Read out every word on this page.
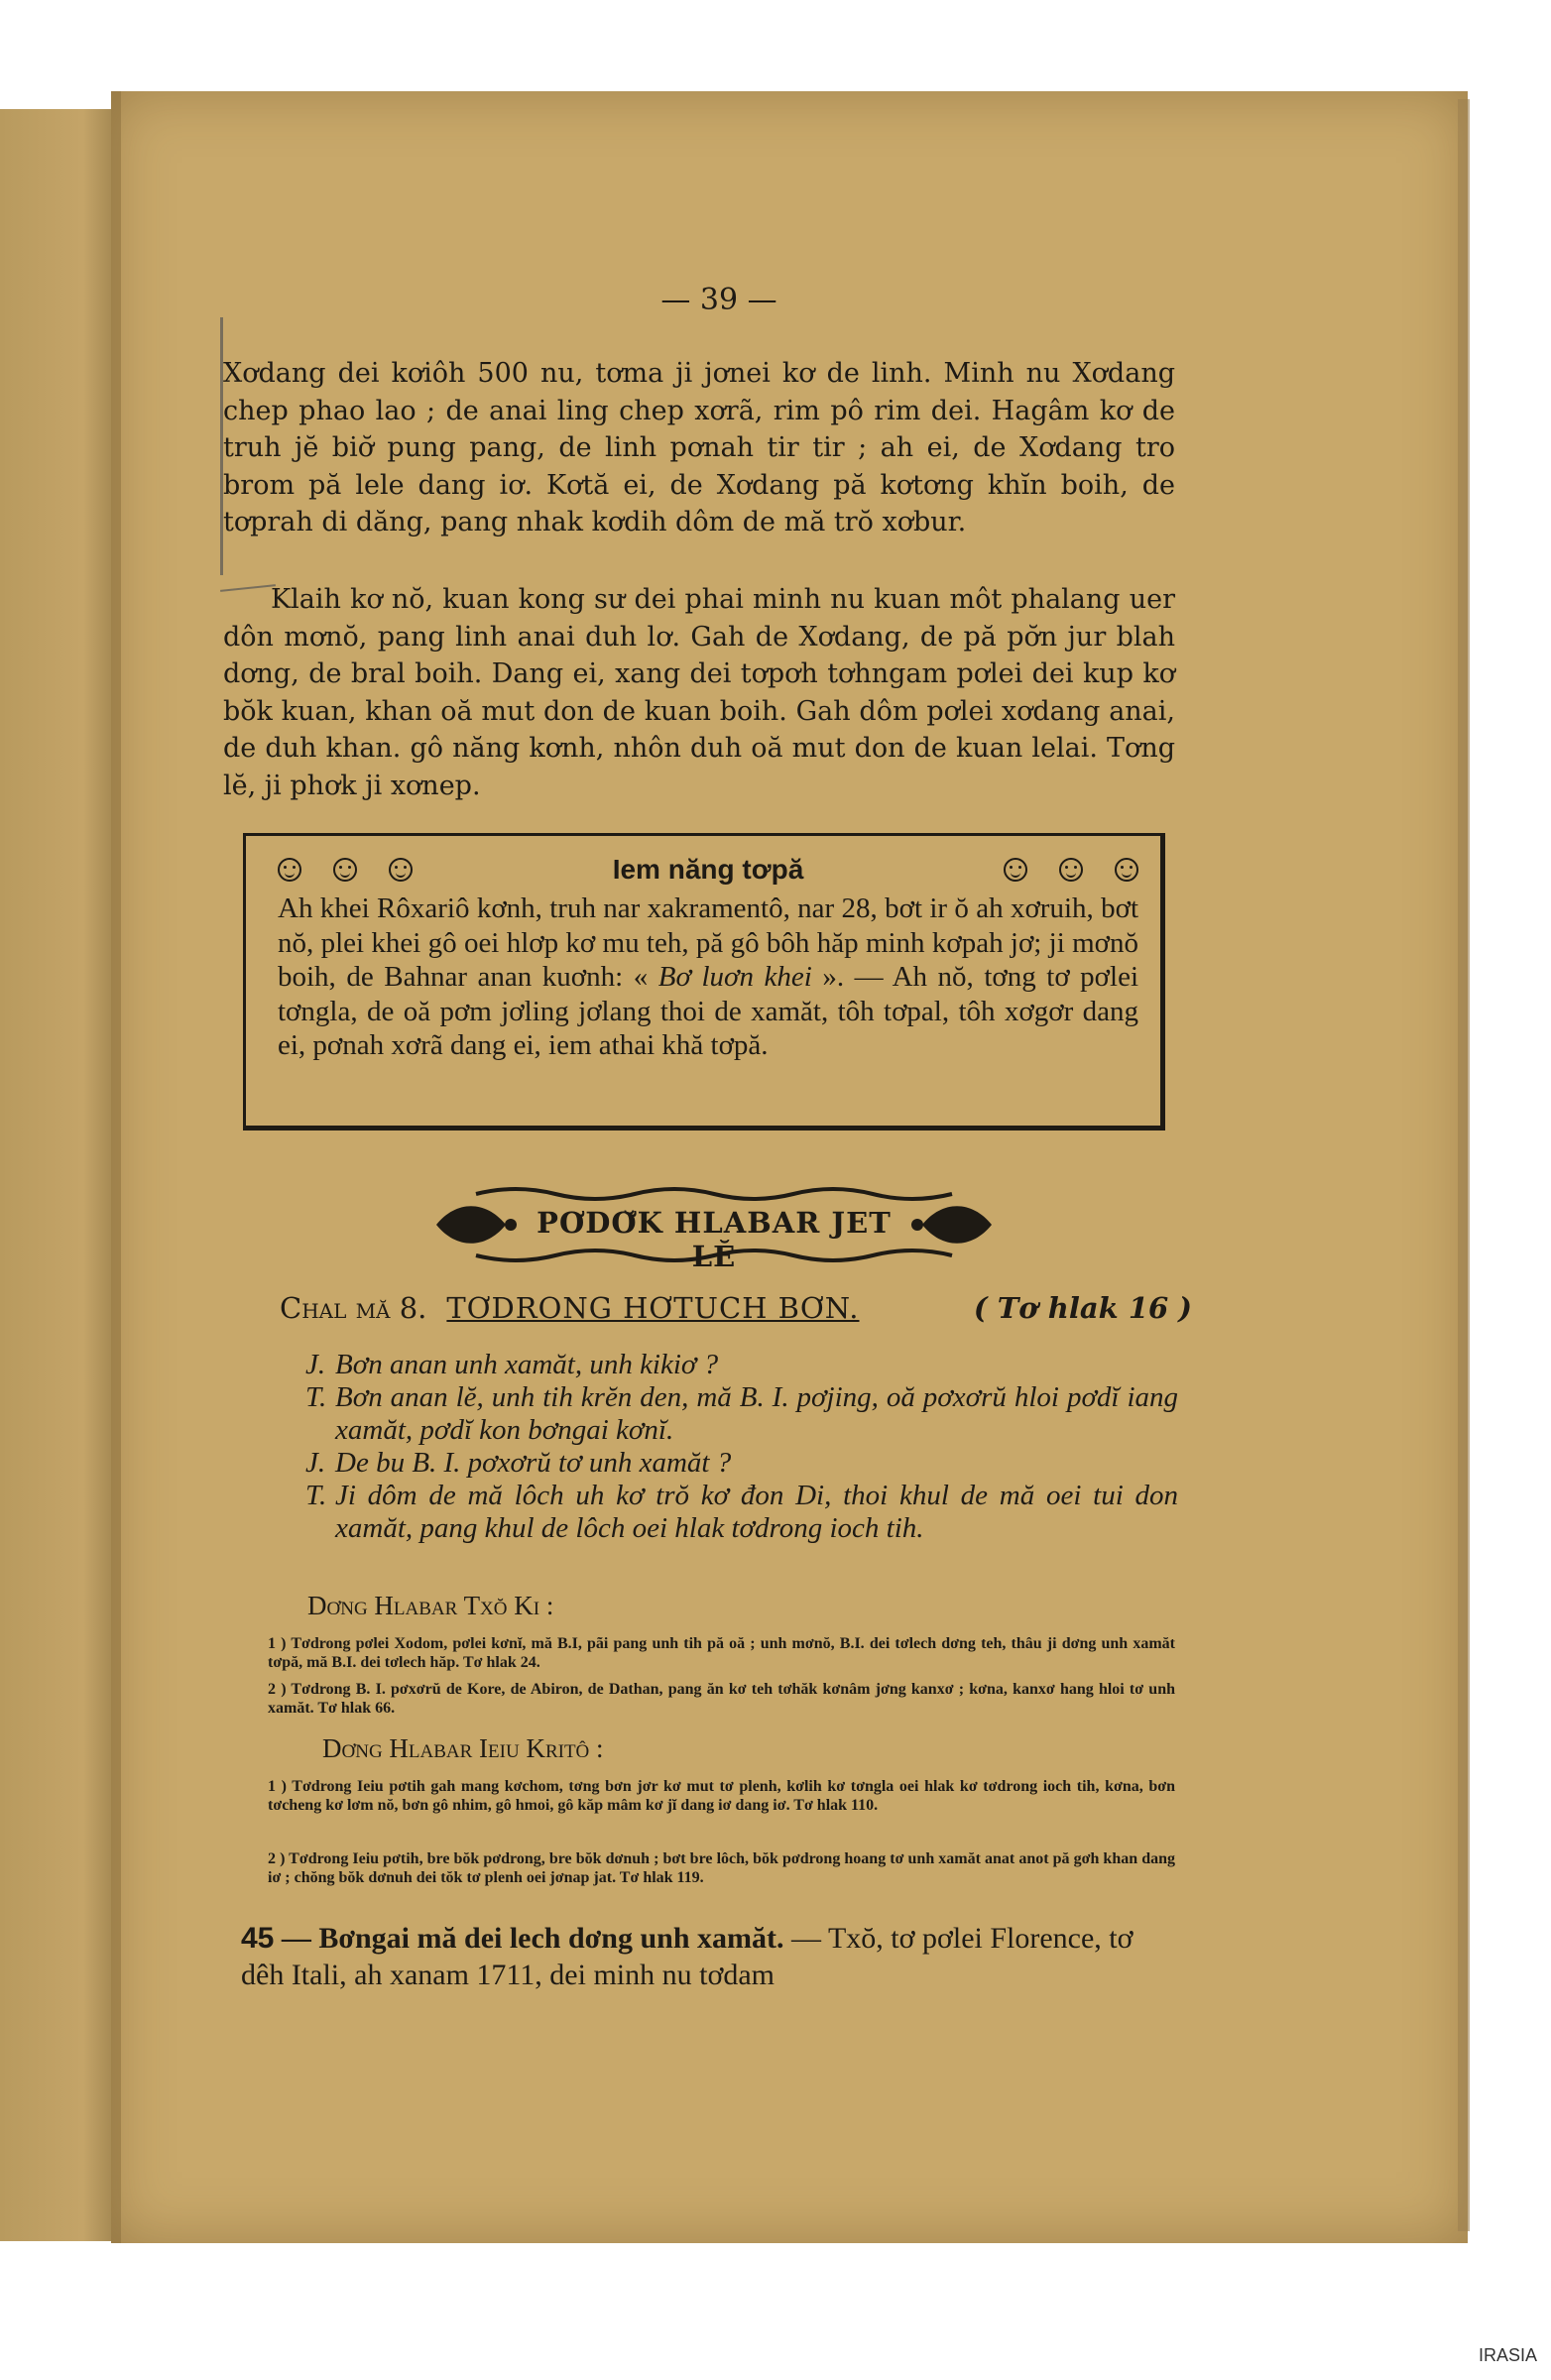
— 39 —

Xơdang dei kơiôh 500 nu, tơma ji jơnei kơ de linh. Minh nu Xơdang chep phao lao ; de anai ling chep xơrã, rim pô rim dei. Hagâm kơ de truh jĕ biơ̆ pung pang, de linh pơnah tir tir ; ah ei, de Xơdang tro brom pă lele dang iơ. Kơtă ei, de Xơdang pă kơtơng khĭn boih, de tơprah di dăng, pang nhak kơdih dôm de mă trŏ xơbur.

Klaih kơ nŏ, kuan kong sư dei phai minh nu kuan môt phalang uer dôn mơnŏ, pang linh anai duh lơ. Gah de Xơdang, de pă pơ̆n jur blah dơng, de bral boih. Dang ei, xang dei tơpơh tơhngam pơlei dei kup kơ bŏk kuan, khan oă mut don de kuan boih. Gah dôm pơlei xơdang anai, de duh khan. gô năng kơnh, nhôn duh oă mut don de kuan lelai. Tơng lĕ, ji phơk ji xơnep.

Iem năng tơpă

Ah khei Rôxariô kơnh, truh nar xakramentô, nar 28, bơt ir ŏ ah xơruih, bơt nŏ, plei khei gô oei hlơp kơ mu teh, pă gô bôh hăp minh kơpah jơ; ji mơnŏ boih, de Bahnar anan kuơnh: « Bơ luơn khei ». — Ah nŏ, tơng tơ pơlei tơngla, de oă pơm jơling jơlang thoi de xamăt, tôh tơpal, tôh xơgơr dang ei, pơnah xơrã dang ei, iem athai khă tơpă.

PƠDƠ̆K HLABAR JET LĔ
Chal mă 8. TƠDRONG HƠTUCH BƠN.	( Tơ hlak 16 )
J. Bơn anan unh xamăt, unh kikiơ ?
T. Bơn anan lĕ, unh tih krĕn den, mă B. I. pơjing, oă pơxơrŭ hloi pơdĭ iang xamăt, pơdĭ kon bơngai kơnĭ.
J. De bu B. I. pơxơrŭ tơ unh xamăt ?
T. Ji dôm de mă lôch uh kơ trŏ kơ đon Di, thoi khul de mă oei tui don xamăt, pang khul de lôch oei hlak tơdrong ioch tih.
Dơng Hlabar Txŏ Ki :
1 ) Tơdrong pơlei Xodom, pơlei kơnĭ, mă B.I, pãi pang unh tih pă oă ; unh mơnŏ, B.I. dei tơlech dơng teh, thâu ji dơng unh xamăt tơpă, mă B.I. dei tơlech hăp. Tơ hlak 24.
2 ) Tơdrong B. I. pơxơrŭ de Kore, de Abiron, de Dathan, pang ăn kơ teh tơhăk kơnâm jơng kanxơ ; kơna, kanxơ hang hloi tơ unh xamăt. Tơ hlak 66.
Dơng Hlabar Ieiu Kritô :
1 ) Tơdrong Ieiu pơtih gah mang kơchom, tơng bơn jơr kơ mut tơ plenh, kơlih kơ tơngla oei hlak kơ tơdrong ioch tih, kơna, bơn tơcheng kơ lơm nŏ, bơn gô nhim, gô hmoi, gô kăp mâm kơ jĭ dang iơ dang iơ. Tơ hlak 110.
2 ) Tơdrong Ieiu pơtih, bre bŏk pơdrong, bre bŏk dơnuh ; bơt bre lôch, bŏk pơdrong hoang tơ unh xamăt anat anot pă gơh khan dang iơ ; chŏng bŏk dơnuh dei tŏk tơ plenh oei jơnap jat. Tơ hlak 119.

45 — Bơngai mă dei lech dơng unh xamăt. — Txŏ, tơ pơlei Florence, tơ dêh Itali, ah xanam 1711, dei minh nu tơdam

IRASIA
